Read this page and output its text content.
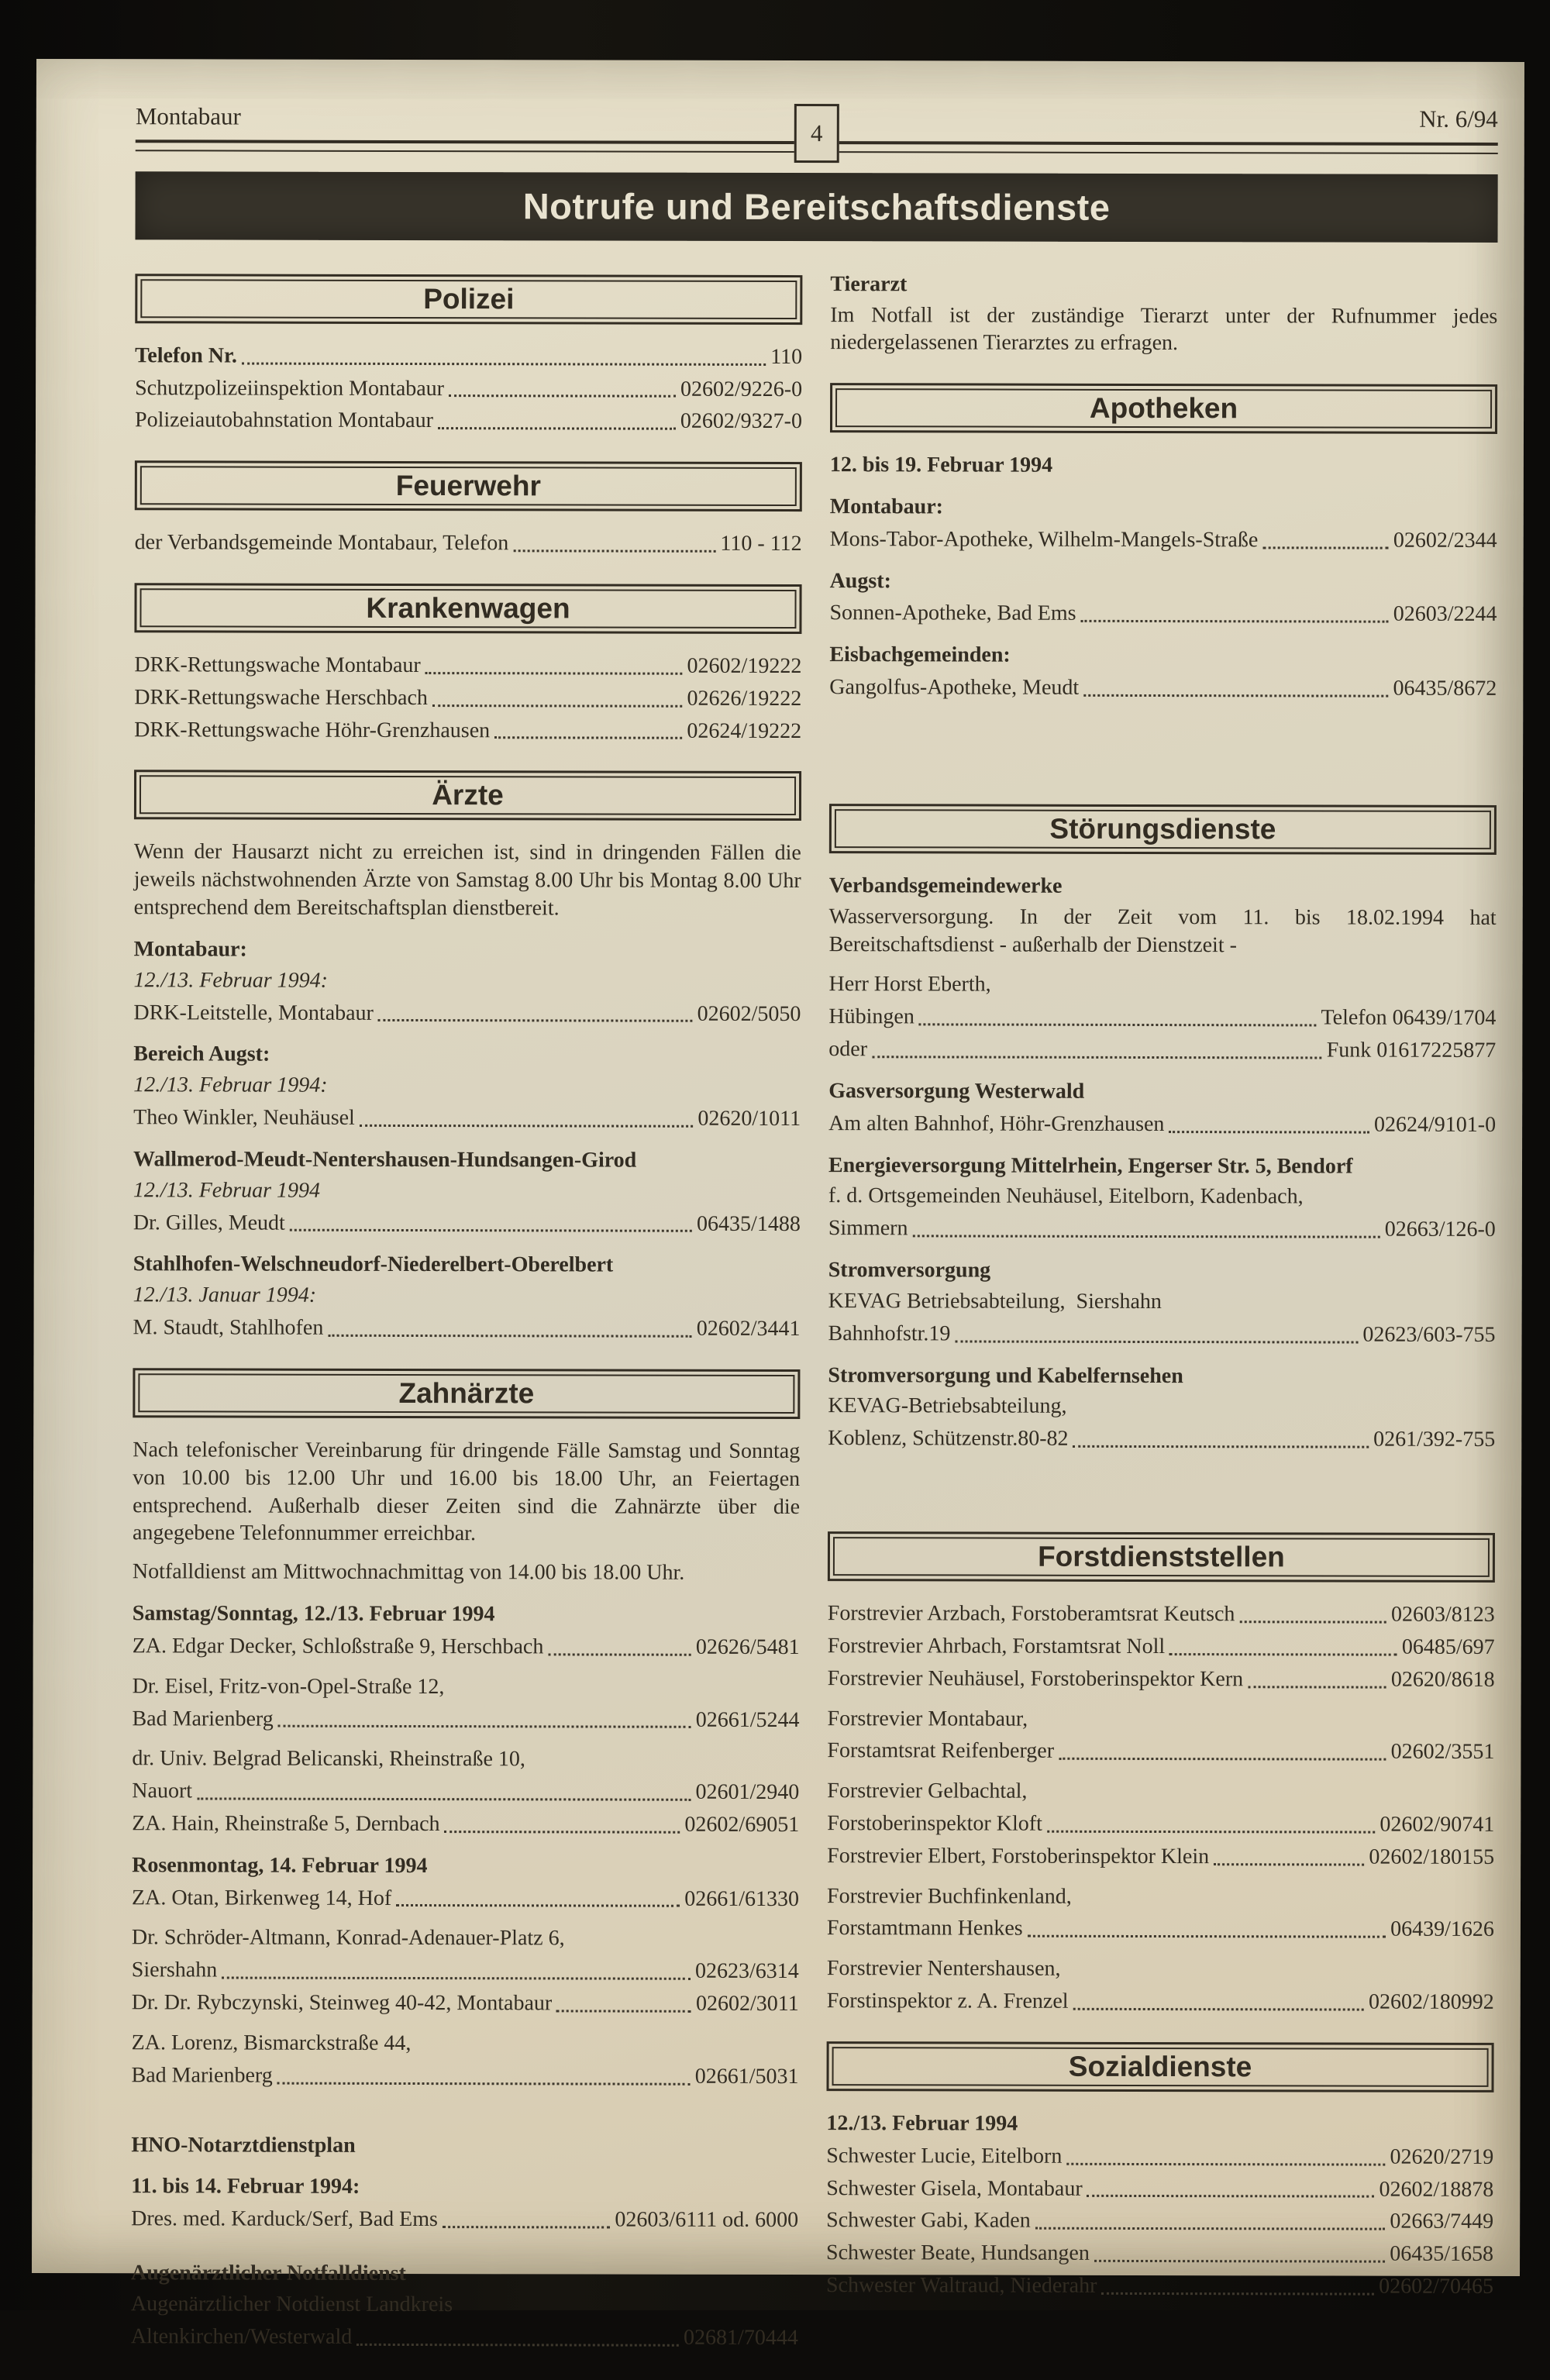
Montabaur	Nr. 6/94
4
Notrufe und Bereitschaftsdienste
Polizei
Telefon Nr.	110
Schutzpolizeiinspektion Montabaur	02602/9226-0
Polizeiautobahnstation Montabaur	02602/9327-0
Feuerwehr
der Verbandsgemeinde Montabaur, Telefon	110 - 112
Krankenwagen
DRK-Rettungswache Montabaur	02602/19222
DRK-Rettungswache Herschbach	02626/19222
DRK-Rettungswache Höhr-Grenzhausen	02624/19222
Ärzte
Wenn der Hausarzt nicht zu erreichen ist, sind in dringenden Fällen die jeweils nächstwohnenden Ärzte von Samstag 8.00 Uhr bis Montag 8.00 Uhr entsprechend dem Bereitschaftsplan dienstbereit.
Montabaur:
12./13. Februar 1994:
DRK-Leitstelle, Montabaur	02602/5050
Bereich Augst:
12./13. Februar 1994:
Theo Winkler, Neuhäusel	02620/1011
Wallmerod-Meudt-Nentershausen-Hundsangen-Girod
12./13. Februar 1994
Dr. Gilles, Meudt	06435/1488
Stahlhofen-Welschneudorf-Niederelbert-Oberelbert
12./13. Januar 1994:
M. Staudt, Stahlhofen	02602/3441
Zahnärzte
Nach telefonischer Vereinbarung für dringende Fälle Samstag und Sonntag von 10.00 bis 12.00 Uhr und 16.00 bis 18.00 Uhr, an Feiertagen entsprechend. Außerhalb dieser Zeiten sind die Zahnärzte über die angegebene Telefonnummer erreichbar.
Notfalldienst am Mittwochnachmittag von 14.00 bis 18.00 Uhr.
Samstag/Sonntag, 12./13. Februar 1994
ZA. Edgar Decker, Schloßstraße 9, Herschbach	02626/5481
Dr. Eisel, Fritz-von-Opel-Straße 12,
Bad Marienberg	02661/5244
dr. Univ. Belgrad Belicanski, Rheinstraße 10,
Nauort	02601/2940
ZA. Hain, Rheinstraße 5, Dernbach	02602/69051
Rosenmontag, 14. Februar 1994
ZA. Otan, Birkenweg 14, Hof	02661/61330
Dr. Schröder-Altmann, Konrad-Adenauer-Platz 6,
Siershahn	02623/6314
Dr. Dr. Rybczynski, Steinweg 40-42, Montabaur	02602/3011
ZA. Lorenz, Bismarckstraße 44,
Bad Marienberg	02661/5031
HNO-Notarztdienstplan
11. bis 14. Februar 1994:
Dres. med. Karduck/Serf, Bad Ems	02603/6111 od. 6000
Augenärztlicher Notfalldienst
Augenärztlicher Notdienst Landkreis
Altenkirchen/Westerwald	02681/70444
Tierarzt
Im Notfall ist der zuständige Tierarzt unter der Rufnummer jedes niedergelassenen Tierarztes zu erfragen.
Apotheken
12. bis 19. Februar 1994
Montabaur:
Mons-Tabor-Apotheke, Wilhelm-Mangels-Straße	02602/2344
Augst:
Sonnen-Apotheke, Bad Ems	02603/2244
Eisbachgemeinden:
Gangolfus-Apotheke, Meudt	06435/8672
Störungsdienste
Verbandsgemeindewerke
Wasserversorgung. In der Zeit vom 11. bis 18.02.1994 hat Bereitschaftsdienst - außerhalb der Dienstzeit -
Herr Horst Eberth,
Hübingen	Telefon 06439/1704
oder	Funk 01617225877
Gasversorgung Westerwald
Am alten Bahnhof, Höhr-Grenzhausen	02624/9101-0
Energieversorgung Mittelrhein, Engerser Str. 5, Bendorf
f. d. Ortsgemeinden Neuhäusel, Eitelborn, Kadenbach,
Simmern	02663/126-0
Stromversorgung
KEVAG Betriebsabteilung,  Siershahn
Bahnhofstr.19	02623/603-755
Stromversorgung und Kabelfernsehen
KEVAG-Betriebsabteilung,
Koblenz, Schützenstr.80-82	0261/392-755
Forstdienststellen
Forstrevier Arzbach, Forstoberamtsrat Keutsch	02603/8123
Forstrevier Ahrbach, Forstamtsrat Noll	06485/697
Forstrevier Neuhäusel, Forstoberinspektor Kern	02620/8618
Forstrevier Montabaur,
Forstamtsrat Reifenberger	02602/3551
Forstrevier Gelbachtal,
Forstoberinspektor Kloft	02602/90741
Forstrevier Elbert, Forstoberinspektor Klein	02602/180155
Forstrevier Buchfinkenland,
Forstamtmann Henkes	06439/1626
Forstrevier Nentershausen,
Forstinspektor z. A. Frenzel	02602/180992
Sozialdienste
12./13. Februar 1994
Schwester Lucie, Eitelborn	02620/2719
Schwester Gisela, Montabaur	02602/18878
Schwester Gabi, Kaden	02663/7449
Schwester Beate, Hundsangen	06435/1658
Schwester Waltraud, Niederahr	02602/70465
